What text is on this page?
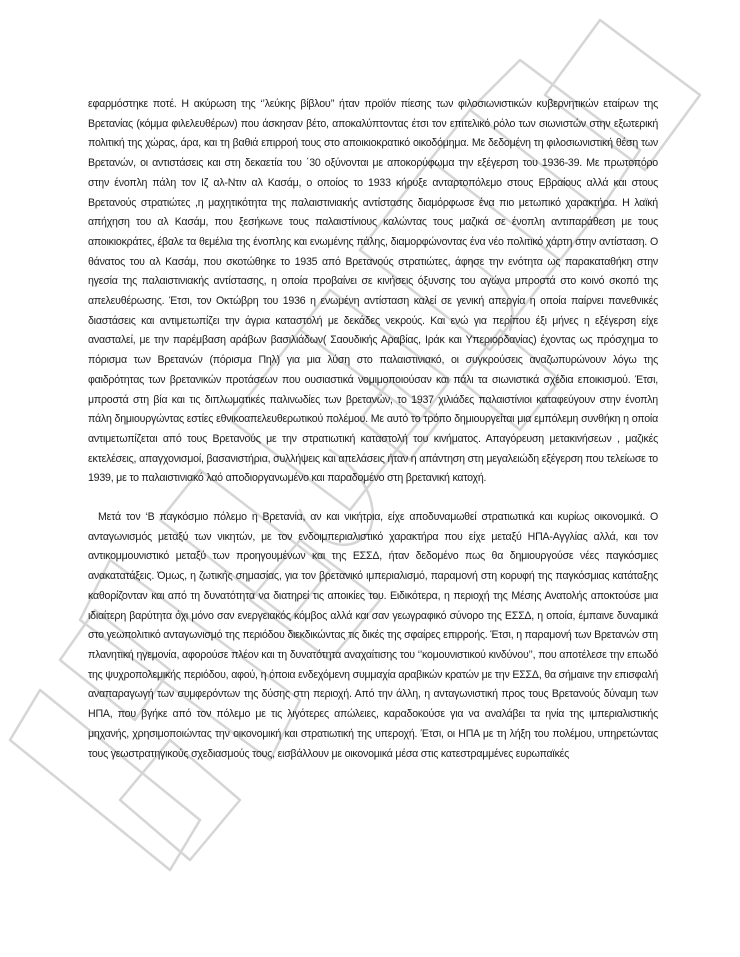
εφαρμόστηκε ποτέ. Η ακύρωση της ‘’λεύκης βίβλου’’ ήταν προϊόν πίεσης των φιλοσιωνιστικών κυβερνητικών εταίρων της Βρετανίας (κόμμα φιλελευθέρων) που άσκησαν βέτο, αποκαλύπτοντας έτσι τον επιτελικό ρόλο των σιωνιστών στην εξωτερική πολιτική της χώρας, άρα, και τη βαθιά επιρροή τους στο αποικιοκρατικό οικοδόμημα. Με δεδομένη τη φιλοσιωνιστική θέση των Βρετανών, οι αντιστάσεις και στη δεκαετία του ΄30 οξύνονται με αποκορύφωμα την εξέγερση του 1936-39. Με πρωτοπόρο στην ένοπλη πάλη τον Ιζ αλ-Ντιν αλ Κασάμ, ο οποίος το 1933 κήρυξε ανταρτοπόλεμο στους Εβραίους αλλά και στους Βρετανούς στρατιώτες ,η μαχητικότητα της παλαιστινιακής αντίστασης διαμόρφωσε ένα πιο μετωπικό χαρακτήρα. Η λαϊκή απήχηση του αλ Κασάμ, που ξεσήκωνε τους παλαιστίνιους καλώντας τους μαζικά σε ένοπλη αντιπαράθεση με τους αποικιοκράτες, έβαλε τα θεμέλια της ένοπλης και ενωμένης πάλης, διαμορφώνοντας ένα νέο πολιτικό χάρτη στην αντίσταση. Ο θάνατος του αλ Κασάμ, που σκοτώθηκε το 1935 από Βρετανούς στρατιώτες, άφησε την ενότητα ως παρακαταθήκη στην ηγεσία της παλαιστινιακής αντίστασης, η οποία προβαίνει σε κινήσεις όξυνσης του αγώνα μπροστά στο κοινό σκοπό της απελευθέρωσης. Έτσι, τον Οκτώβρη του 1936 η ενωμένη αντίσταση καλεί σε γενική απεργία η οποία παίρνει πανεθνικές διαστάσεις και αντιμετωπίζει την άγρια καταστολή με δεκάδες νεκρούς. Και ενώ για περίπου έξι μήνες η εξέγερση είχε ανασταλεί, με την παρέμβαση αράβων βασιλιάδων( Σαουδικής Αραβίας, Ιράκ και Υπεριορδανίας) έχοντας ως πρόσχημα το πόρισμα των Βρετανών (πόρισμα Πηλ) για μια λύση στο παλαιστινιακό, οι συγκρούσεις αναζωπυρώνουν λόγω της φαιδρότητας των βρετανικών προτάσεων που ουσιαστικά νομιμοποιούσαν και πάλι τα σιωνιστικά σχέδια εποικισμού. Έτσι, μπροστά στη βία και τις διπλωματικές παλινωδίες των βρετανών, το 1937 χιλιάδες παλαιστίνιοι καταφεύγουν στην ένοπλη πάλη δημιουργώντας εστίες εθνικοαπελευθερωτικού πολέμου. Με αυτό το τρόπο δημιουργείται μια εμπόλεμη συνθήκη η οποία αντιμετωπίζεται από τους Βρετανούς με την στρατιωτική καταστολή του κινήματος. Απαγόρευση μετακινήσεων , μαζικές εκτελέσεις, απαγχονισμοί, βασανιστήρια, συλλήψεις και απελάσεις ήταν η απάντηση στη μεγαλειώδη εξέγερση που τελείωσε το 1939, με το παλαιστινιακό λαό αποδιοργανωμένο και παραδομένο στη βρετανική κατοχή.

Μετά τον ‘Β παγκόσμιο πόλεμο η Βρετανία, αν και νικήτρια, είχε αποδυναμωθεί στρατιωτικά και κυρίως οικονομικά. Ο ανταγωνισμός μεταξύ των νικητών, με τον ενδοιμπεριαλιστικό χαρακτήρα που είχε μεταξύ ΗΠΑ-Αγγλίας αλλά, και τον αντικομμουνιστικό μεταξύ των προηγουμένων και της ΕΣΣΔ, ήταν δεδομένο πως θα δημιουργούσε νέες παγκόσμιες ανακατατάξεις. Όμως, η ζωτικής σημασίας, για τον βρετανικό ιμπεριαλισμό, παραμονή στη κορυφή της παγκόσμιας κατάταξης καθορίζονταν και από τη δυνατότητα να διατηρεί τις αποικίες του. Ειδικότερα, η περιοχή της Μέσης Ανατολής αποκτούσε μια ιδιαίτερη βαρύτητα όχι μόνο σαν ενεργειακός κόμβος αλλά και σαν γεωγραφικό σύνορο της ΕΣΣΔ, η οποία, έμπαινε δυναμικά στο γεωπολιτικό ανταγωνισμό της περιόδου διεκδικώντας τις δικές της σφαίρες επιρροής. Έτσι, η παραμονή των Βρετανών στη πλανητική ηγεμονία, αφορούσε πλέον και τη δυνατότητα αναχαίτισης του ‘’κομουνιστικού κινδύνου’’, που αποτέλεσε την επωδό της ψυχροπολεμικής περιόδου, αφού, η όποια ενδεχόμενη συμμαχία αραβικών κρατών με την ΕΣΣΔ, θα σήμαινε την επισφαλή αναπαραγωγή των συμφερόντων της δύσης στη περιοχή. Από την άλλη, η ανταγωνιστική προς τους Βρετανούς δύναμη των ΗΠΑ, που βγήκε από τον πόλεμο με τις λιγότερες απώλειες, καραδοκούσε για να αναλάβει τα ηνία της ιμπεριαλιστικής μηχανής, χρησιμοποιώντας την οικονομική και στρατιωτική της υπεροχή. Έτσι, οι ΗΠΑ με τη λήξη του πολέμου, υπηρετώντας τους γεωστρατηγικούς σχεδιασμούς τους, εισβάλλουν με οικονομικά μέσα στις κατεστραμμένες ευρωπαϊκές
